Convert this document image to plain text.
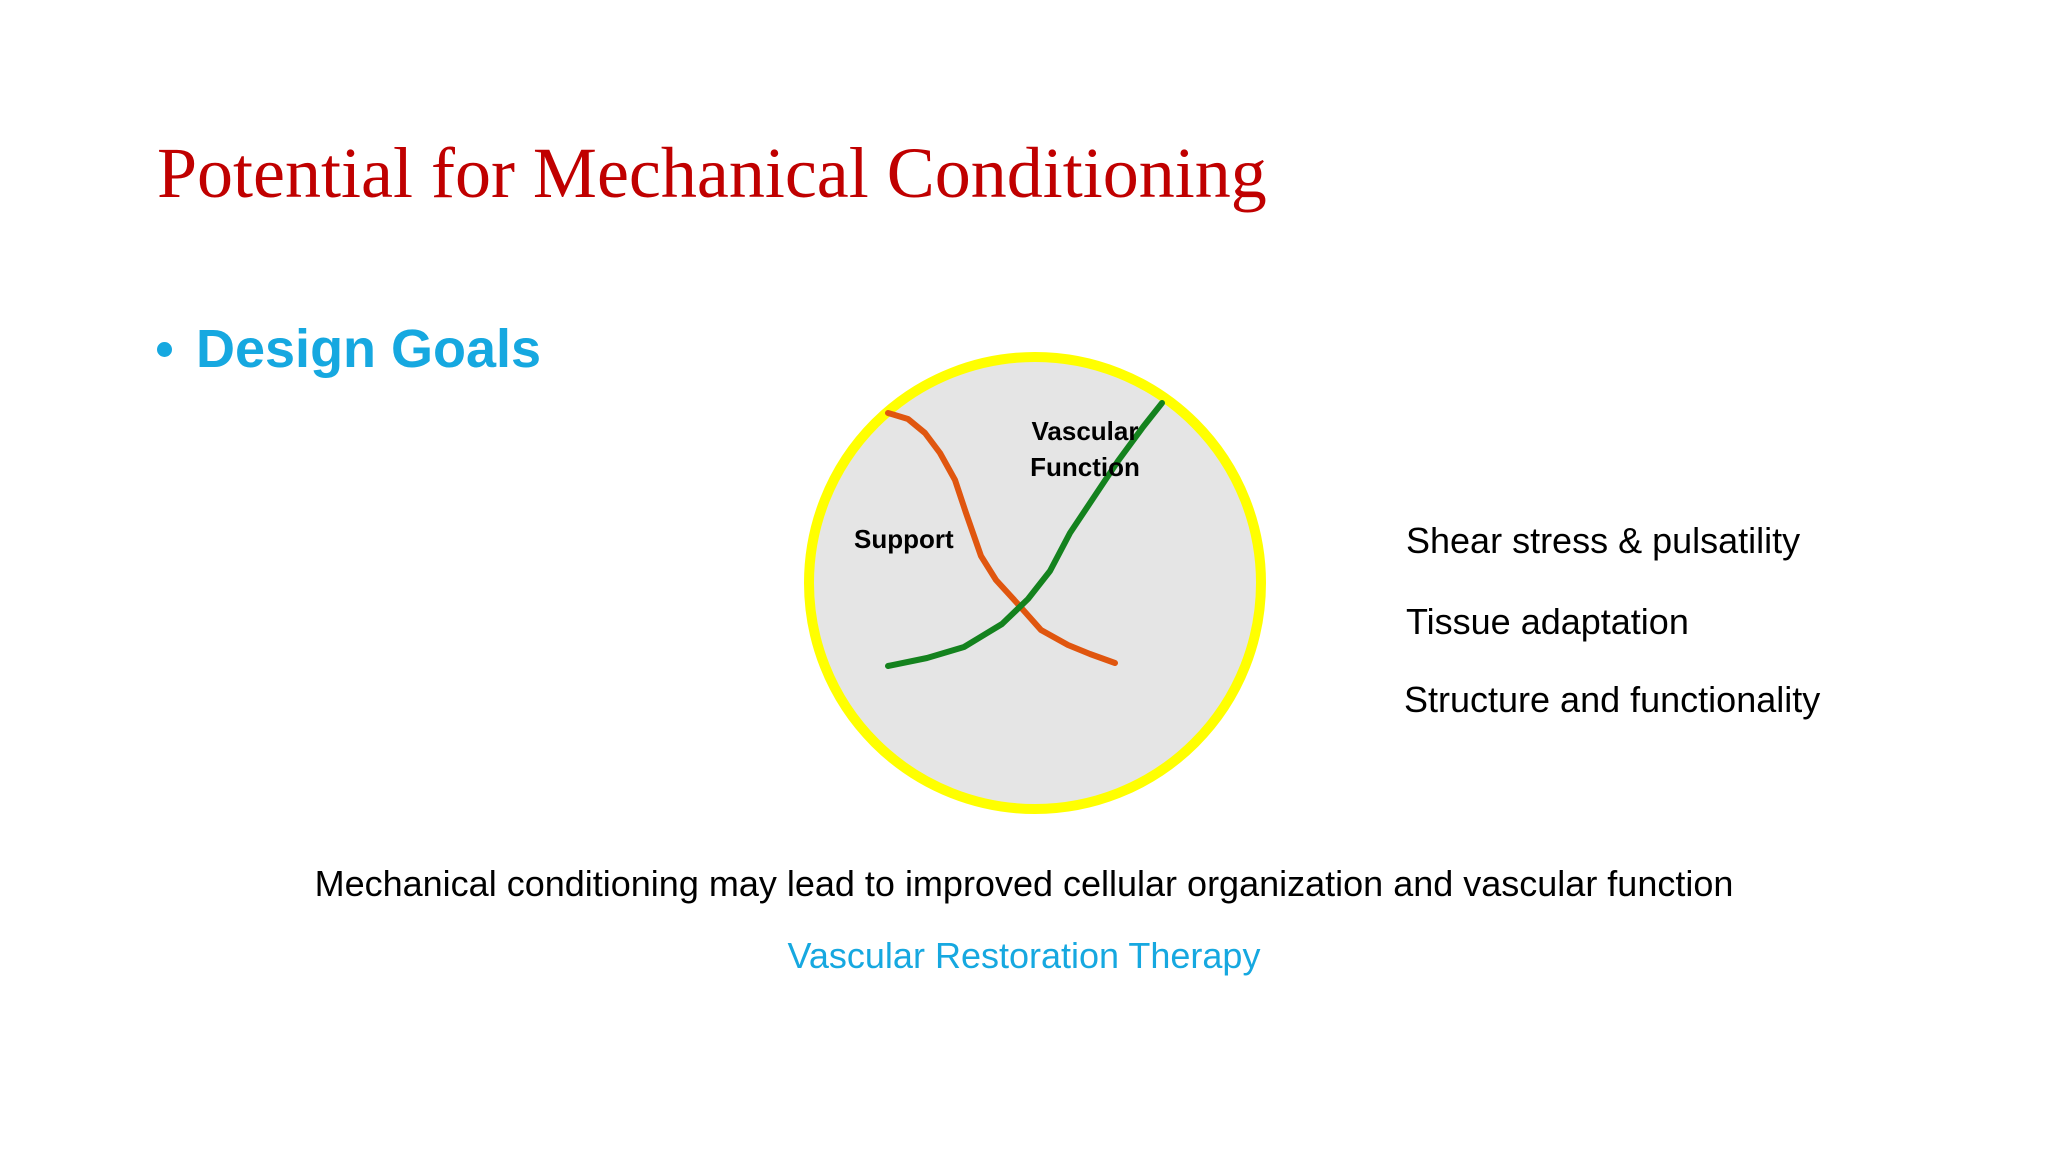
Potential for Mechanical Conditioning
Design Goals
Support
Vascular
Function
Shear stress & pulsatility
Tissue adaptation
Structure and functionality
Mechanical conditioning may lead to improved cellular organization and vascular function
Vascular Restoration Therapy
